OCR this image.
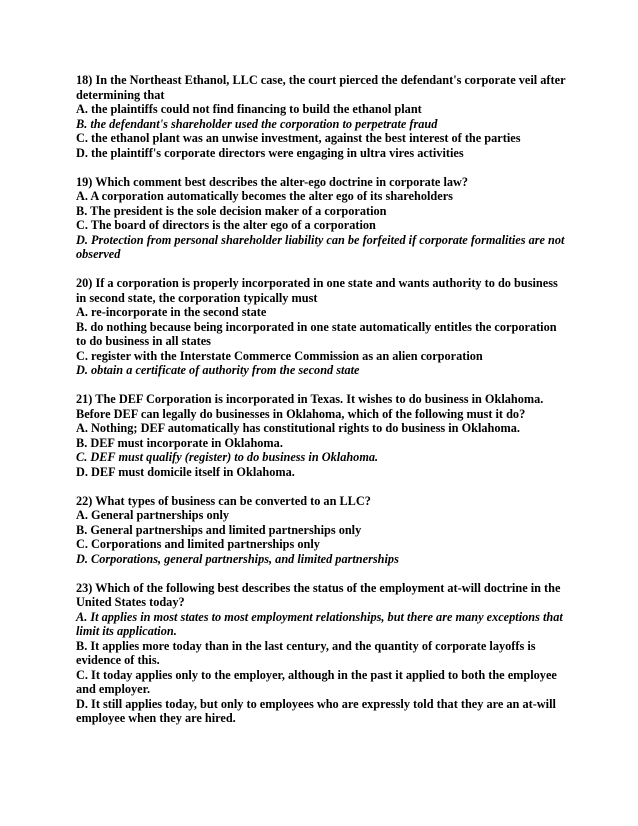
18) In the Northeast Ethanol, LLC case, the court pierced the defendant's corporate veil after determining that
A. the plaintiffs could not find financing to build the ethanol plant
B. the defendant's shareholder used the corporation to perpetrate fraud
C. the ethanol plant was an unwise investment, against the best interest of the parties
D. the plaintiff's corporate directors were engaging in ultra vires activities
19) Which comment best describes the alter-ego doctrine in corporate law?
A. A corporation automatically becomes the alter ego of its shareholders
B. The president is the sole decision maker of a corporation
C. The board of directors is the alter ego of a corporation
D. Protection from personal shareholder liability can be forfeited if corporate formalities are not observed
20) If a corporation is properly incorporated in one state and wants authority to do business in second state, the corporation typically must
A. re-incorporate in the second state
B. do nothing because being incorporated in one state automatically entitles the corporation to do business in all states
C. register with the Interstate Commerce Commission as an alien corporation
D. obtain a certificate of authority from the second state
21) The DEF Corporation is incorporated in Texas. It wishes to do business in Oklahoma. Before DEF can legally do businesses in Oklahoma, which of the following must it do?
A. Nothing; DEF automatically has constitutional rights to do business in Oklahoma.
B. DEF must incorporate in Oklahoma.
C. DEF must qualify (register) to do business in Oklahoma.
D. DEF must domicile itself in Oklahoma.
22) What types of business can be converted to an LLC?
A. General partnerships only
B. General partnerships and limited partnerships only
C. Corporations and limited partnerships only
D. Corporations, general partnerships, and limited partnerships
23) Which of the following best describes the status of the employment at-will doctrine in the United States today?
A. It applies in most states to most employment relationships, but there are many exceptions that limit its application.
B. It applies more today than in the last century, and the quantity of corporate layoffs is evidence of this.
C. It today applies only to the employer, although in the past it applied to both the employee and employer.
D. It still applies today, but only to employees who are expressly told that they are an at-will employee when they are hired.
